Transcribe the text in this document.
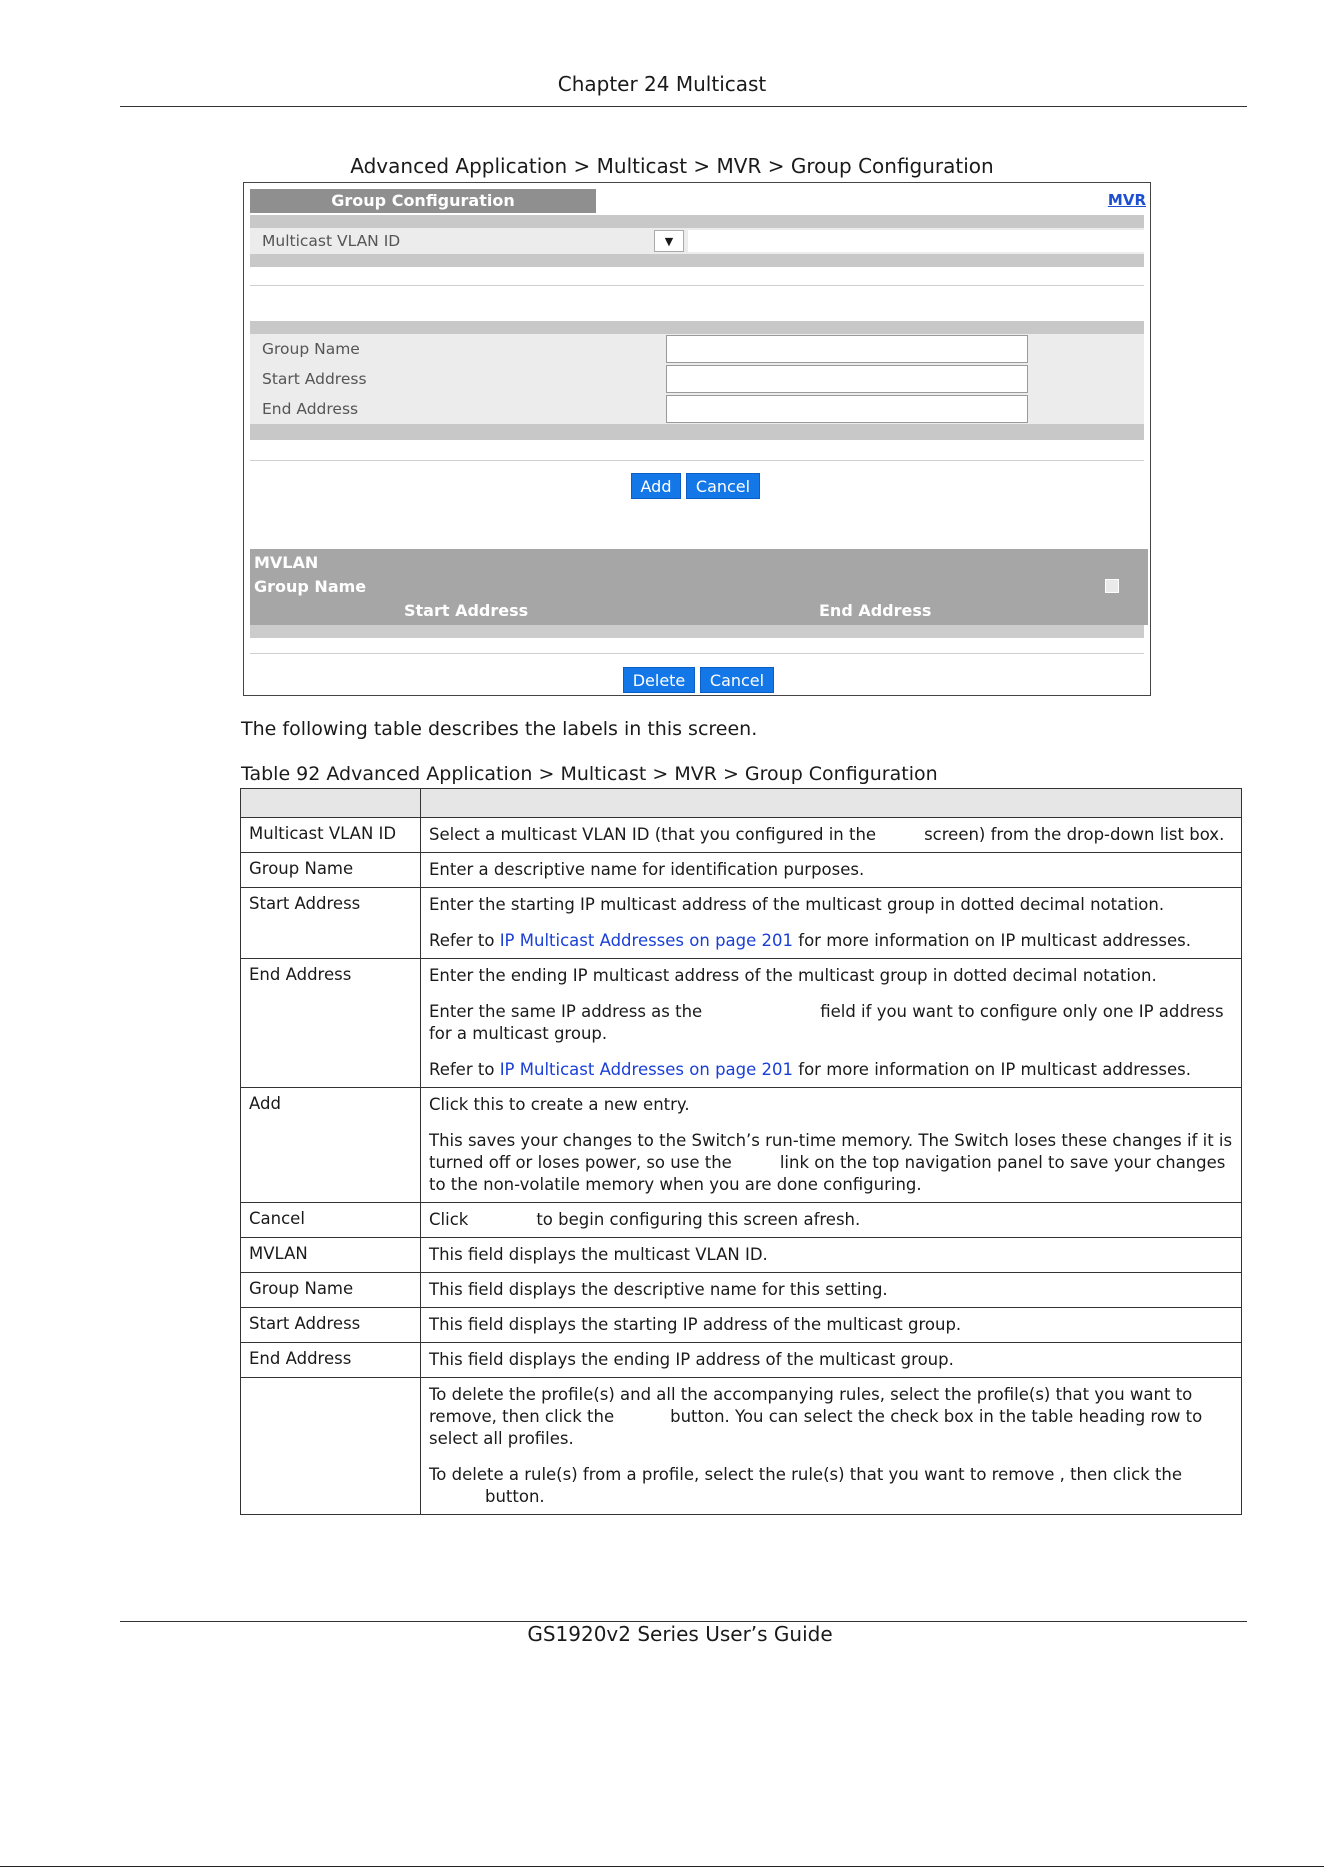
Chapter 24 Multicast
Advanced Application > Multicast > MVR > Group Configuration
Group Configuration	MVR
Multicast VLAN ID	▼
Group Name
Start Address
End Address
Add	Cancel
MVLAN
Group Name
Start Address	End Address
Delete	Cancel
The following table describes the labels in this screen.
Table 92 Advanced Application > Multicast > MVR > Group Configuration

Multicast VLAN ID	Select a multicast VLAN ID (that you configured in the screen) from the drop-down list box.

Group Name	Enter a descriptive name for identification purposes.

Start Address	Enter the starting IP multicast address of the multicast group in dotted decimal notation.

Refer to IP Multicast Addresses on page 201 for more information on IP multicast addresses.

End Address	Enter the ending IP multicast address of the multicast group in dotted decimal notation.

Enter the same IP address as the field if you want to configure only one IP address for a multicast group.

Refer to IP Multicast Addresses on page 201 for more information on IP multicast addresses.

Add	Click this to create a new entry.

This saves your changes to the Switch’s run-time memory. The Switch loses these changes if it is turned off or loses power, so use the link on the top navigation panel to save your changes to the non-volatile memory when you are done configuring.

Cancel	Click to begin configuring this screen afresh.

MVLAN	This field displays the multicast VLAN ID.

Group Name	This field displays the descriptive name for this setting.

Start Address	This field displays the starting IP address of the multicast group.

End Address	This field displays the ending IP address of the multicast group.

	To delete the profile(s) and all the accompanying rules, select the profile(s) that you want to remove, then click the button. You can select the check box in the table heading row to select all profiles.

To delete a rule(s) from a profile, select the rule(s) that you want to remove , then click thebutton.

GS1920v2 Series User’s Guide
